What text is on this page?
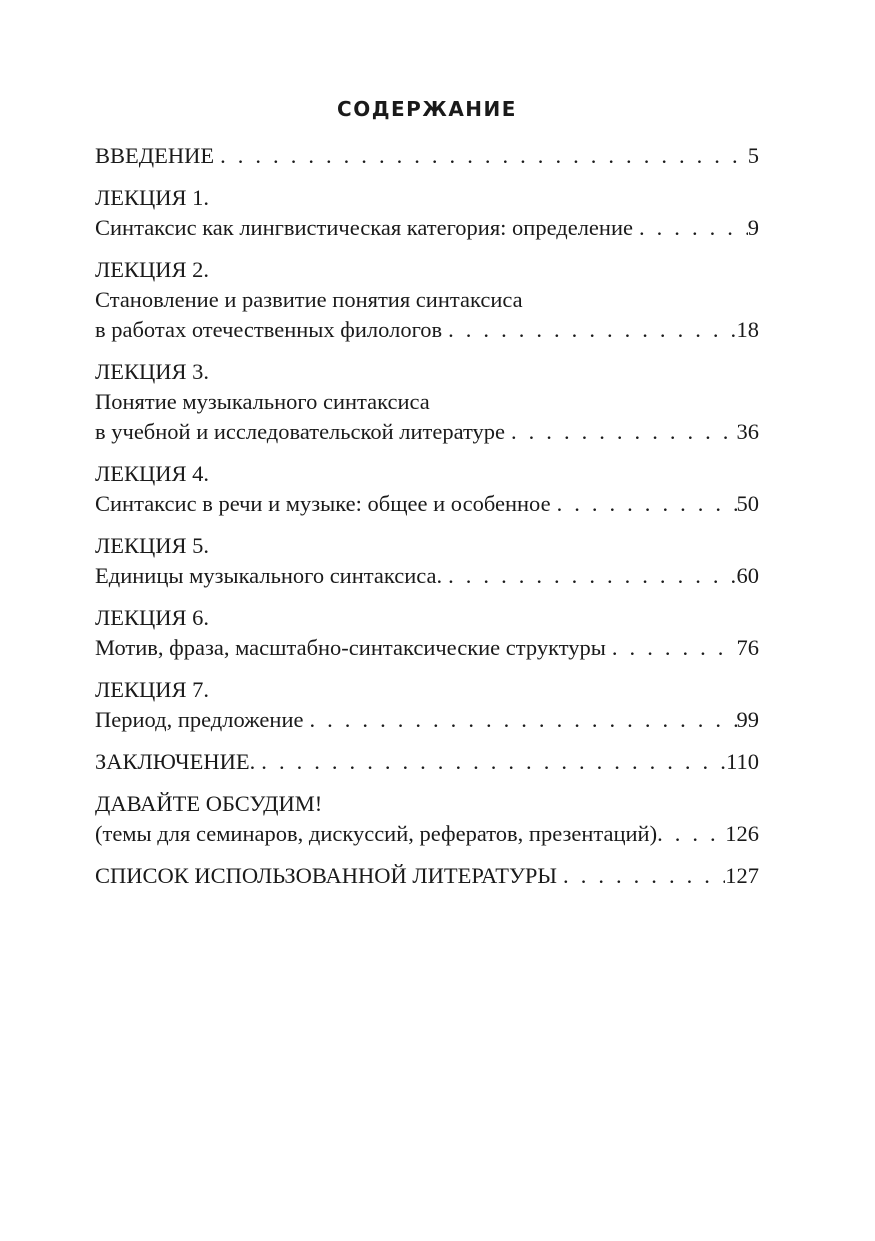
СОДЕРЖАНИЕ
ВВЕДЕНИЕ . . .	5
ЛЕКЦИЯ 1.
Синтаксис как лингвистическая категория: определение . . .	9
ЛЕКЦИЯ 2.
Становление и развитие понятия синтаксиса
в работах отечественных филологов . . .	18
ЛЕКЦИЯ 3.
Понятие музыкального синтаксиса
в учебной и исследовательской литературе . . .	36
ЛЕКЦИЯ 4.
Синтаксис в речи и музыке: общее и особенное . . .	50
ЛЕКЦИЯ 5.
Единицы музыкального синтаксиса. . . .	60
ЛЕКЦИЯ 6.
Мотив, фраза, масштабно-синтаксические структуры . . .	76
ЛЕКЦИЯ 7.
Период, предложение . . .	99
ЗАКЛЮЧЕНИЕ. . . .	110
ДАВАЙТЕ ОБСУДИМ!
(темы для семинаров, дискуссий, рефератов, презентаций) . . .	126
СПИСОК ИСПОЛЬЗОВАННОЙ ЛИТЕРАТУРЫ . . .	127
